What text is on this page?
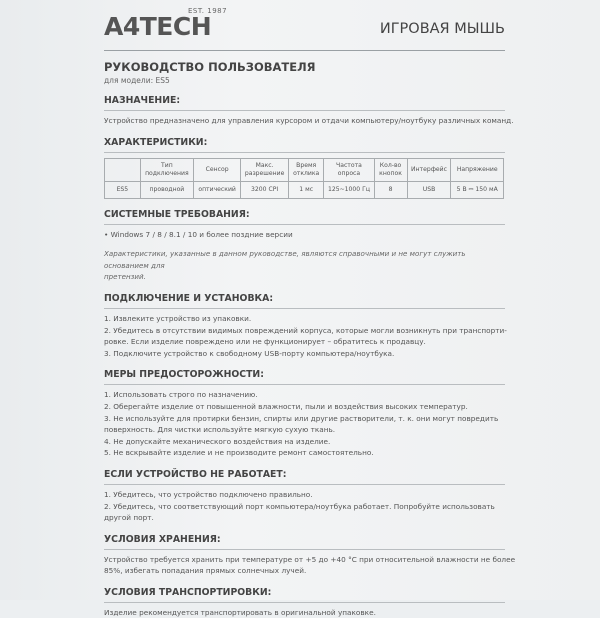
A4TECH
EST. 1987
ИГРОВАЯ МЫШЬ
РУКОВОДСТВО ПОЛЬЗОВАТЕЛЯ
для модели: ES5
НАЗНАЧЕНИЕ:
Устройство предназначено для управления курсором и отдачи компьютеру/ноутбуку различных команд.
ХАРАКТЕРИСТИКИ:
	Тип подключения	Сенсор	Макс. разрешение	Время отклика	Частота опроса	Кол-во кнопок	Интерфейс	Напряжение
ES5	проводной	оптический	3200 CPI	1 мс	125~1000 Гц	8	USB	5 В ⎓ 150 мА
СИСТЕМНЫЕ ТРЕБОВАНИЯ:
• Windows 7 / 8 / 8.1 / 10 и более поздние версии
Характеристики, указанные в данном руководстве, являются справочными и не могут служить основанием для
претензий.
ПОДКЛЮЧЕНИЕ И УСТАНОВКА:
1. Извлеките устройство из упаковки.
2. Убедитесь в отсутствии видимых повреждений корпуса, которые могли возникнуть при транспорти-
ровке. Если изделие повреждено или не функционирует – обратитесь к продавцу.
3. Подключите устройство к свободному USB-порту компьютера/ноутбука.
МЕРЫ ПРЕДОСТОРОЖНОСТИ:
1. Использовать строго по назначению.
2. Оберегайте изделие от повышенной влажности, пыли и воздействия высоких температур.
3. Не используйте для протирки бензин, спирты или другие растворители, т. к. они могут повредить
поверхность. Для чистки используйте мягкую сухую ткань.
4. Не допускайте механического воздействия на изделие.
5. Не вскрывайте изделие и не производите ремонт самостоятельно.
ЕСЛИ УСТРОЙСТВО НЕ РАБОТАЕТ:
1. Убедитесь, что устройство подключено правильно.
2. Убедитесь, что соответствующий порт компьютера/ноутбука работает. Попробуйте использовать
другой порт.
УСЛОВИЯ ХРАНЕНИЯ:
Устройство требуется хранить при температуре от +5 до +40 °С при относительной влажности не более
85%, избегать попадания прямых солнечных лучей.
УСЛОВИЯ ТРАНСПОРТИРОВКИ:
Изделие рекомендуется транспортировать в оригинальной упаковке.
